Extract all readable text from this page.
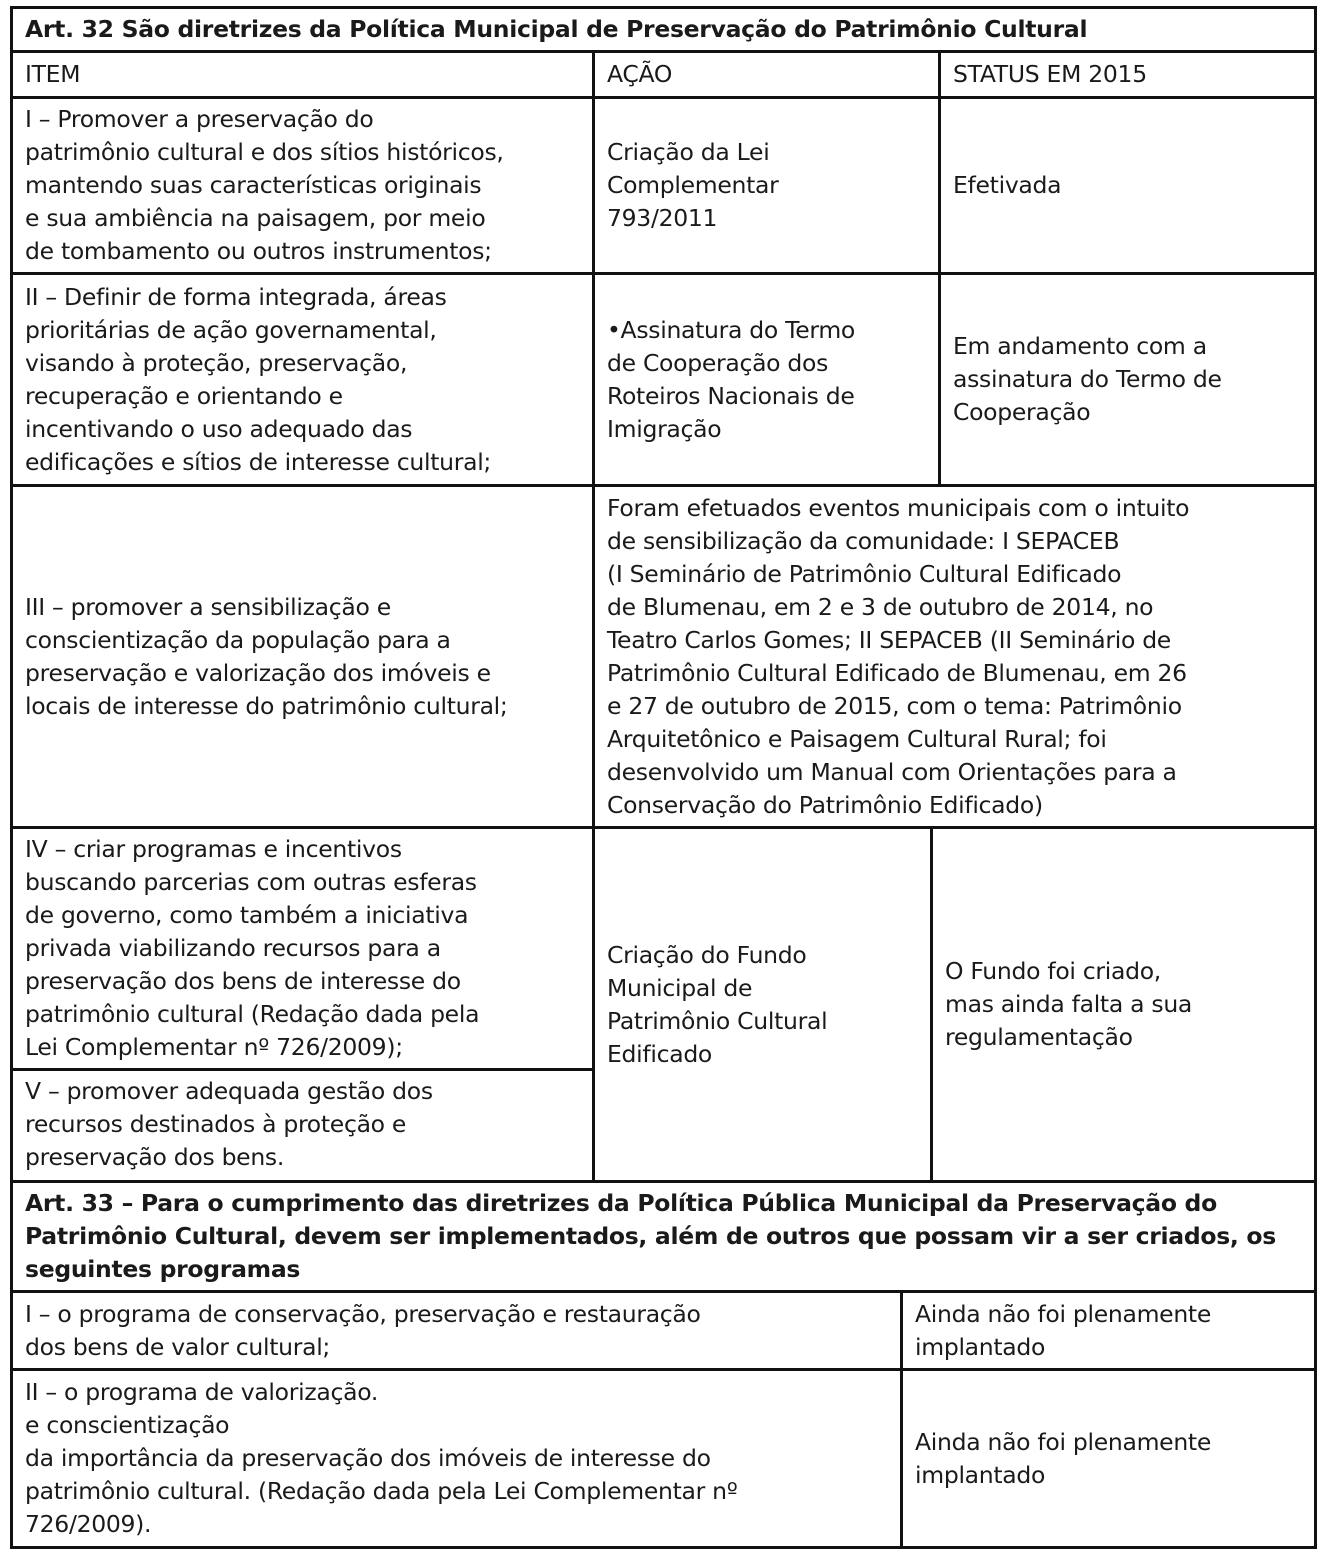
Art. 32 São diretrizes da Política Municipal de Preservação do Patrimônio Cultural
ITEM	AÇÃO	STATUS EM 2015
I – Promover a preservação do
patrimônio cultural e dos sítios históricos,
mantendo suas características originais
e sua ambiência na paisagem, por meio
de tombamento ou outros instrumentos;
Criação da Lei
Complementar
793/2011
Efetivada
II – Definir de forma integrada, áreas
prioritárias de ação governamental,
visando à proteção, preservação,
recuperação e orientando e
incentivando o uso adequado das
edificações e sítios de interesse cultural;
•Assinatura do Termo
de Cooperação dos
Roteiros Nacionais de
Imigração
Em andamento com a
assinatura do Termo de
Cooperação
III – promover a sensibilização e
conscientização da população para a
preservação e valorização dos imóveis e
locais de interesse do patrimônio cultural;
Foram efetuados eventos municipais com o intuito
de sensibilização da comunidade: I SEPACEB
(I Seminário de Patrimônio Cultural Edificado
de Blumenau, em 2 e 3 de outubro de 2014, no
Teatro Carlos Gomes; II SEPACEB (II Seminário de
Patrimônio Cultural Edificado de Blumenau, em 26
e 27 de outubro de 2015, com o tema: Patrimônio
Arquitetônico e Paisagem Cultural Rural; foi
desenvolvido um Manual com Orientações para a
Conservação do Patrimônio Edificado)
IV – criar programas e incentivos
buscando parcerias com outras esferas
de governo, como também a iniciativa
privada viabilizando recursos para a
preservação dos bens de interesse do
patrimônio cultural (Redação dada pela
Lei Complementar nº 726/2009);
V – promover adequada gestão dos
recursos destinados à proteção e
preservação dos bens.
Criação do Fundo
Municipal de
Patrimônio Cultural
Edificado
O Fundo foi criado,
mas ainda falta a sua
regulamentação
Art. 33 – Para o cumprimento das diretrizes da Política Pública Municipal da Preservação do
Patrimônio Cultural, devem ser implementados, além de outros que possam vir a ser criados, os
seguintes programas
I – o programa de conservação, preservação e restauração
dos bens de valor cultural;
Ainda não foi plenamente
implantado
II – o programa de valorização.
e conscientização
da importância da preservação dos imóveis de interesse do
patrimônio cultural. (Redação dada pela Lei Complementar nº
726/2009).
Ainda não foi plenamente
implantado
